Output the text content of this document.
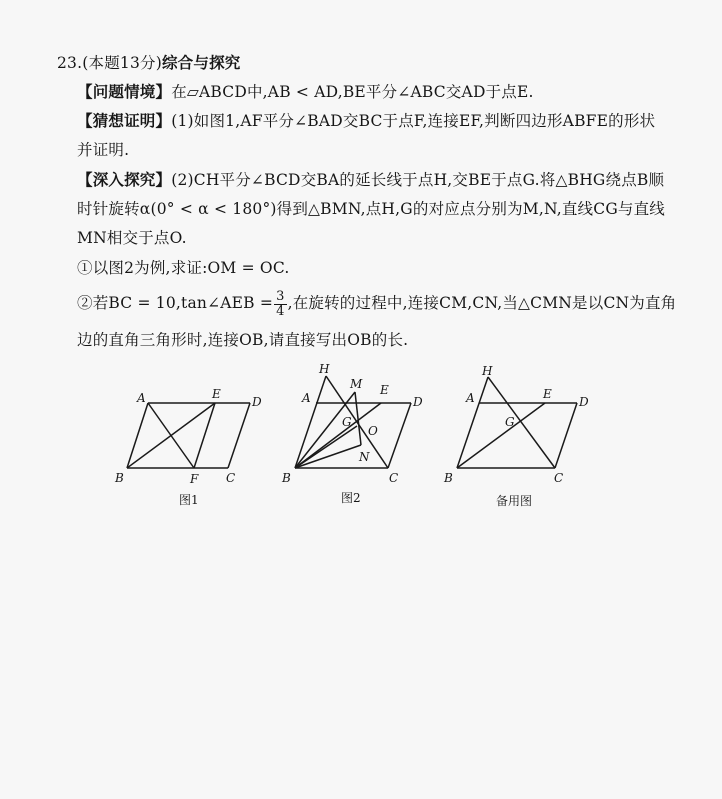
23.(本题13分)综合与探究
【问题情境】在▱ABCD中,AB < AD,BE平分∠ABC交AD于点E.
【猜想证明】(1)如图1,AF平分∠BAD交BC于点F,连接EF,判断四边形ABFE的形状
并证明.
【深入探究】(2)CH平分∠BCD交BA的延长线于点H,交BE于点G.将△BHG绕点B顺
时针旋转α(0° < α < 180°)得到△BMN,点H,G的对应点分别为M,N,直线CG与直线
MN相交于点O.
①以图2为例,求证:OM = OC.
②若BC = 10,tan∠AEB = $\frac{3}{4}$ ,在旋转的过程中,连接CM,CN,当△CMN是以CN为直角
边的直角三角形时,连接OB,请直接写出OB的长.
A	E
D
B	F C
H
M
A
E
D
G
O
N
B	C
H
A	E
D
G
B	C
图1	图2	备用图
